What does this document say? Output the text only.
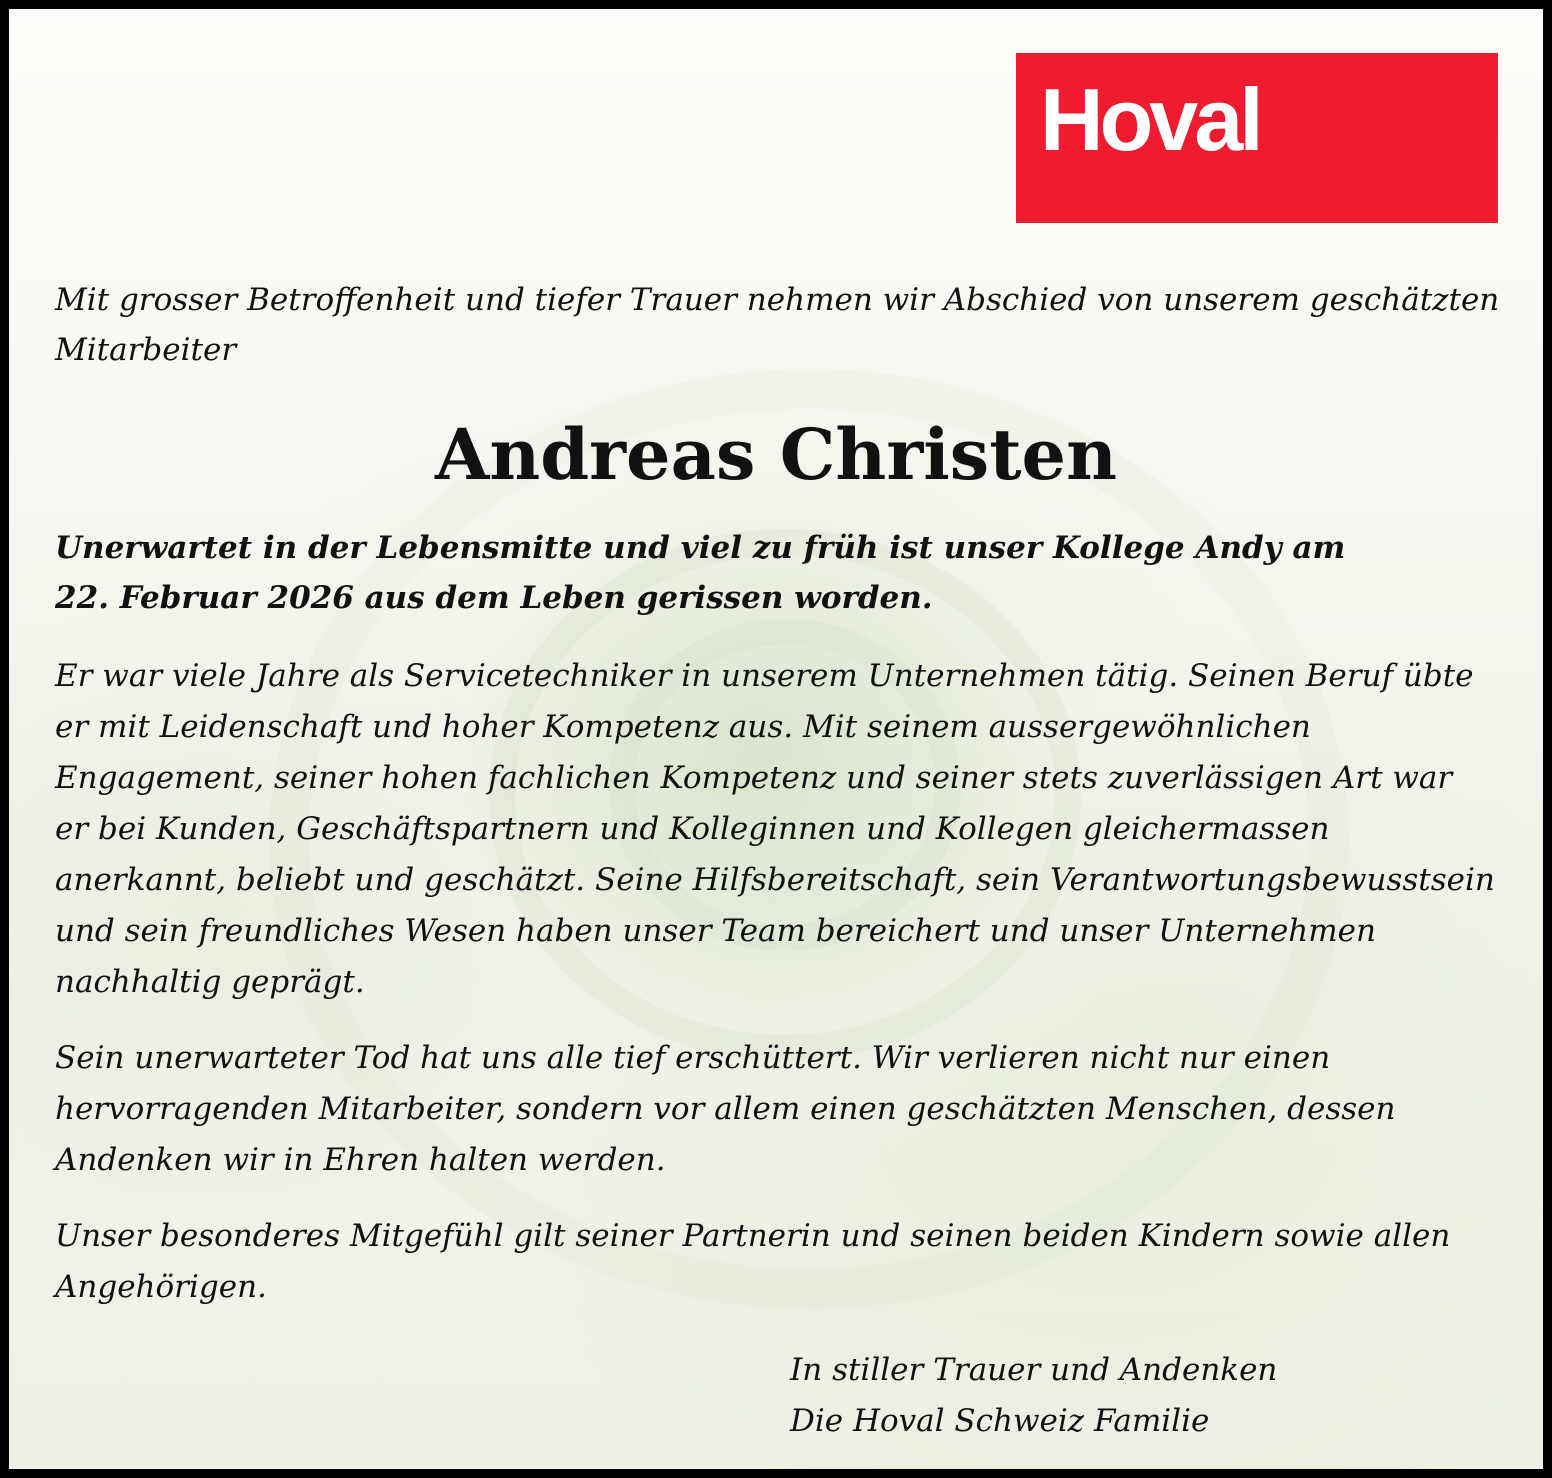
Hoval

Mit grosser Betroffenheit und tiefer Trauer nehmen wir Abschied von unserem geschätzten
Mitarbeiter

Andreas Christen

Unerwartet in der Lebensmitte und viel zu früh ist unser Kollege Andy am
22. Februar 2026 aus dem Leben gerissen worden.

Er war viele Jahre als Servicetechniker in unserem Unternehmen tätig. Seinen Beruf übte
er mit Leidenschaft und hoher Kompetenz aus. Mit seinem aussergewöhnlichen
Engagement, seiner hohen fachlichen Kompetenz und seiner stets zuverlässigen Art war
er bei Kunden, Geschäftspartnern und Kolleginnen und Kollegen gleichermassen
anerkannt, beliebt und geschätzt. Seine Hilfsbereitschaft, sein Verantwortungsbewusstsein
und sein freundliches Wesen haben unser Team bereichert und unser Unternehmen
nachhaltig geprägt.

Sein unerwarteter Tod hat uns alle tief erschüttert. Wir verlieren nicht nur einen
hervorragenden Mitarbeiter, sondern vor allem einen geschätzten Menschen, dessen
Andenken wir in Ehren halten werden.

Unser besonderes Mitgefühl gilt seiner Partnerin und seinen beiden Kindern sowie allen
Angehörigen.

In stiller Trauer und Andenken
Die Hoval Schweiz Familie
